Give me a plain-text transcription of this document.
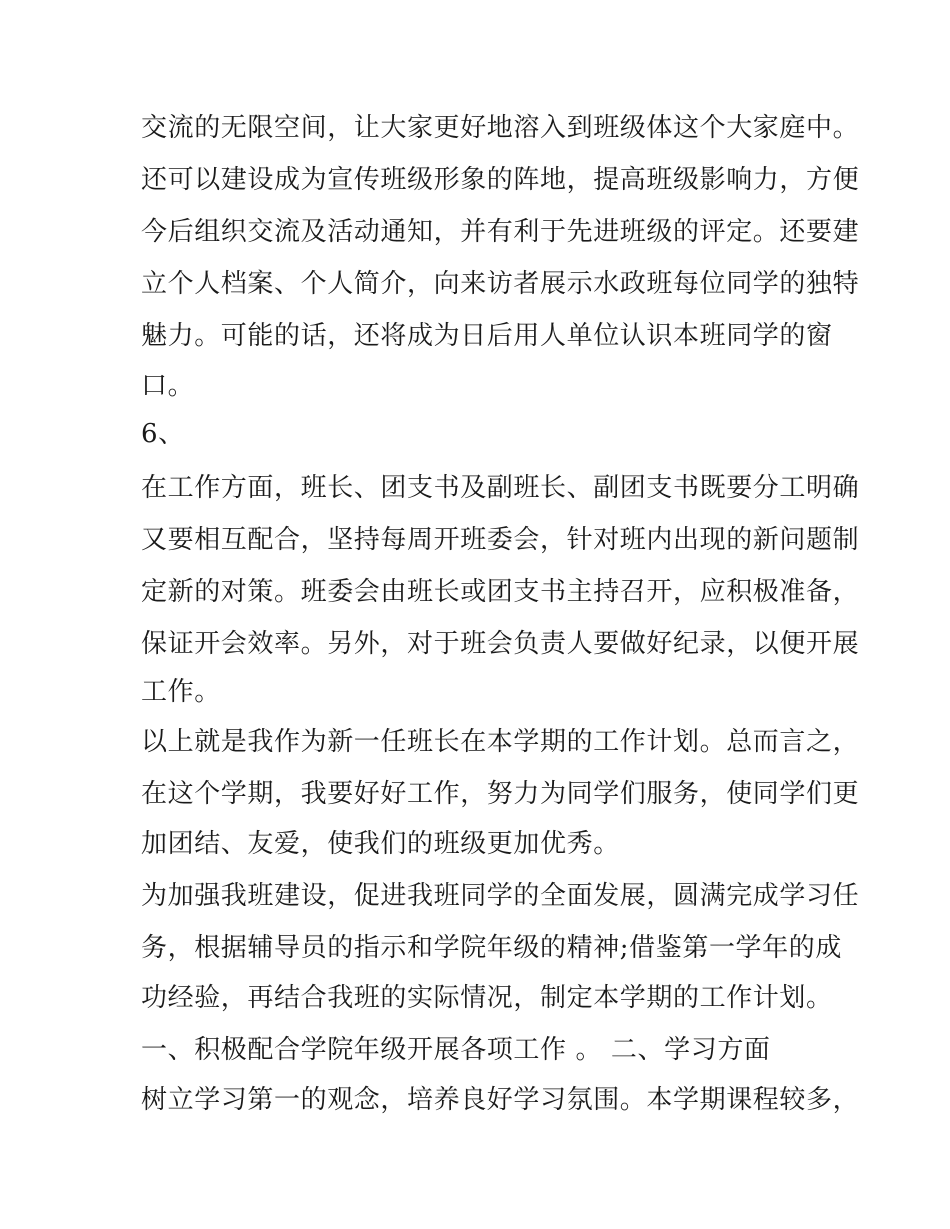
交流的无限空间，让大家更好地溶入到班级体这个大家庭中。
还可以建设成为宣传班级形象的阵地，提高班级影响力，方便
今后组织交流及活动通知，并有利于先进班级的评定。还要建
立个人档案、个人简介，向来访者展示水政班每位同学的独特
魅力。可能的话，还将成为日后用人单位认识本班同学的窗
口。
6、
在工作方面，班长、团支书及副班长、副团支书既要分工明确
又要相互配合，坚持每周开班委会，针对班内出现的新问题制
定新的对策。班委会由班长或团支书主持召开，应积极准备，
保证开会效率。另外，对于班会负责人要做好纪录，以便开展
工作。
以上就是我作为新一任班长在本学期的工作计划。总而言之，
在这个学期，我要好好工作，努力为同学们服务，使同学们更
加团结、友爱，使我们的班级更加优秀。
为加强我班建设，促进我班同学的全面发展，圆满完成学习任
务，根据辅导员的指示和学院年级的精神;借鉴第一学年的成
功经验，再结合我班的实际情况，制定本学期的工作计划。
一、积极配合学院年级开展各项工作 。 二、学习方面
树立学习第一的观念，培养良好学习氛围。本学期课程较多，
